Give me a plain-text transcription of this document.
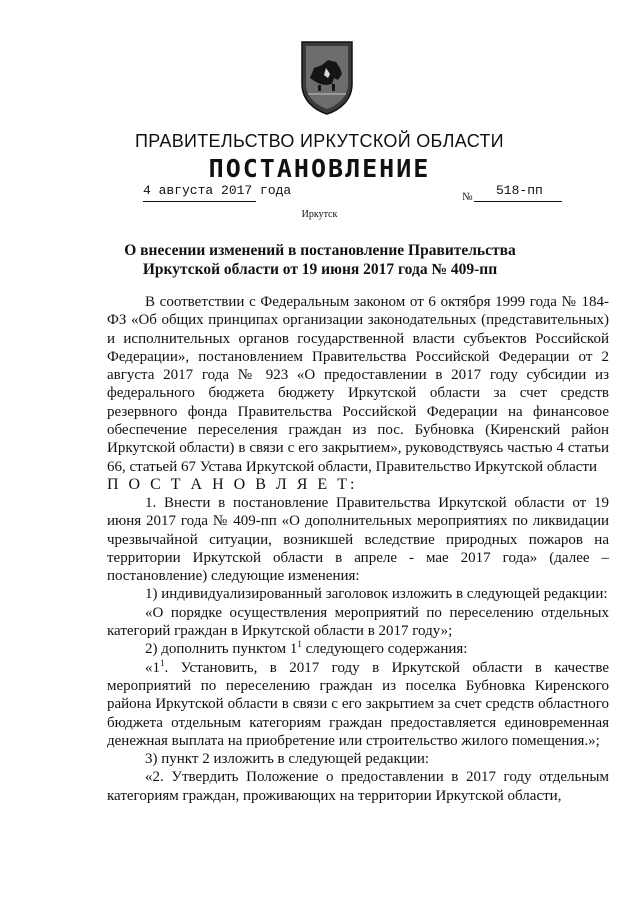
ПРАВИТЕЛЬСТВО ИРКУТСКОЙ ОБЛАСТИ
ПОСТАНОВЛЕНИЕ
4 августа 2017 года	№ 518-пп
Иркутск
О внесении изменений в постановление Правительства Иркутской области от 19 июня 2017 года № 409-пп

В соответствии с Федеральным законом от 6 октября 1999 года № 184-ФЗ «Об общих принципах организации законодательных (представительных) и исполнительных органов государственной власти субъектов Российской Федерации», постановлением Правительства Российской Федерации от 2 августа 2017 года № 923 «О предоставлении в 2017 году субсидии из федерального бюджета бюджету Иркутской области за счет средств резервного фонда Правительства Российской Федерации на финансовое обеспечение переселения граждан из пос. Бубновка (Киренский район Иркутской области) в связи с его закрытием», руководствуясь частью 4 статьи 66, статьей 67 Устава Иркутской области, Правительство Иркутской области

П О С Т А Н О В Л Я Е Т:

1. Внести в постановление Правительства Иркутской области от 19 июня 2017 года № 409-пп «О дополнительных мероприятиях по ликвидации чрезвычайной ситуации, возникшей вследствие природных пожаров на территории Иркутской области в апреле - мае 2017 года» (далее – постановление) следующие изменения:

1) индивидуализированный заголовок изложить в следующей редакции:

«О порядке осуществления мероприятий по переселению отдельных категорий граждан в Иркутской области в 2017 году»;

2) дополнить пунктом $1^1$ следующего содержания:

«$1^1$. Установить, в 2017 году в Иркутской области в качестве мероприятий по переселению граждан из поселка Бубновка Киренского района Иркутской области в связи с его закрытием за счет средств областного бюджета отдельным категориям граждан предоставляется единовременная денежная выплата на приобретение или строительство жилого помещения.»;

3) пункт 2 изложить в следующей редакции:

«2. Утвердить Положение о предоставлении в 2017 году отдельным категориям граждан, проживающих на территории Иркутской области,
